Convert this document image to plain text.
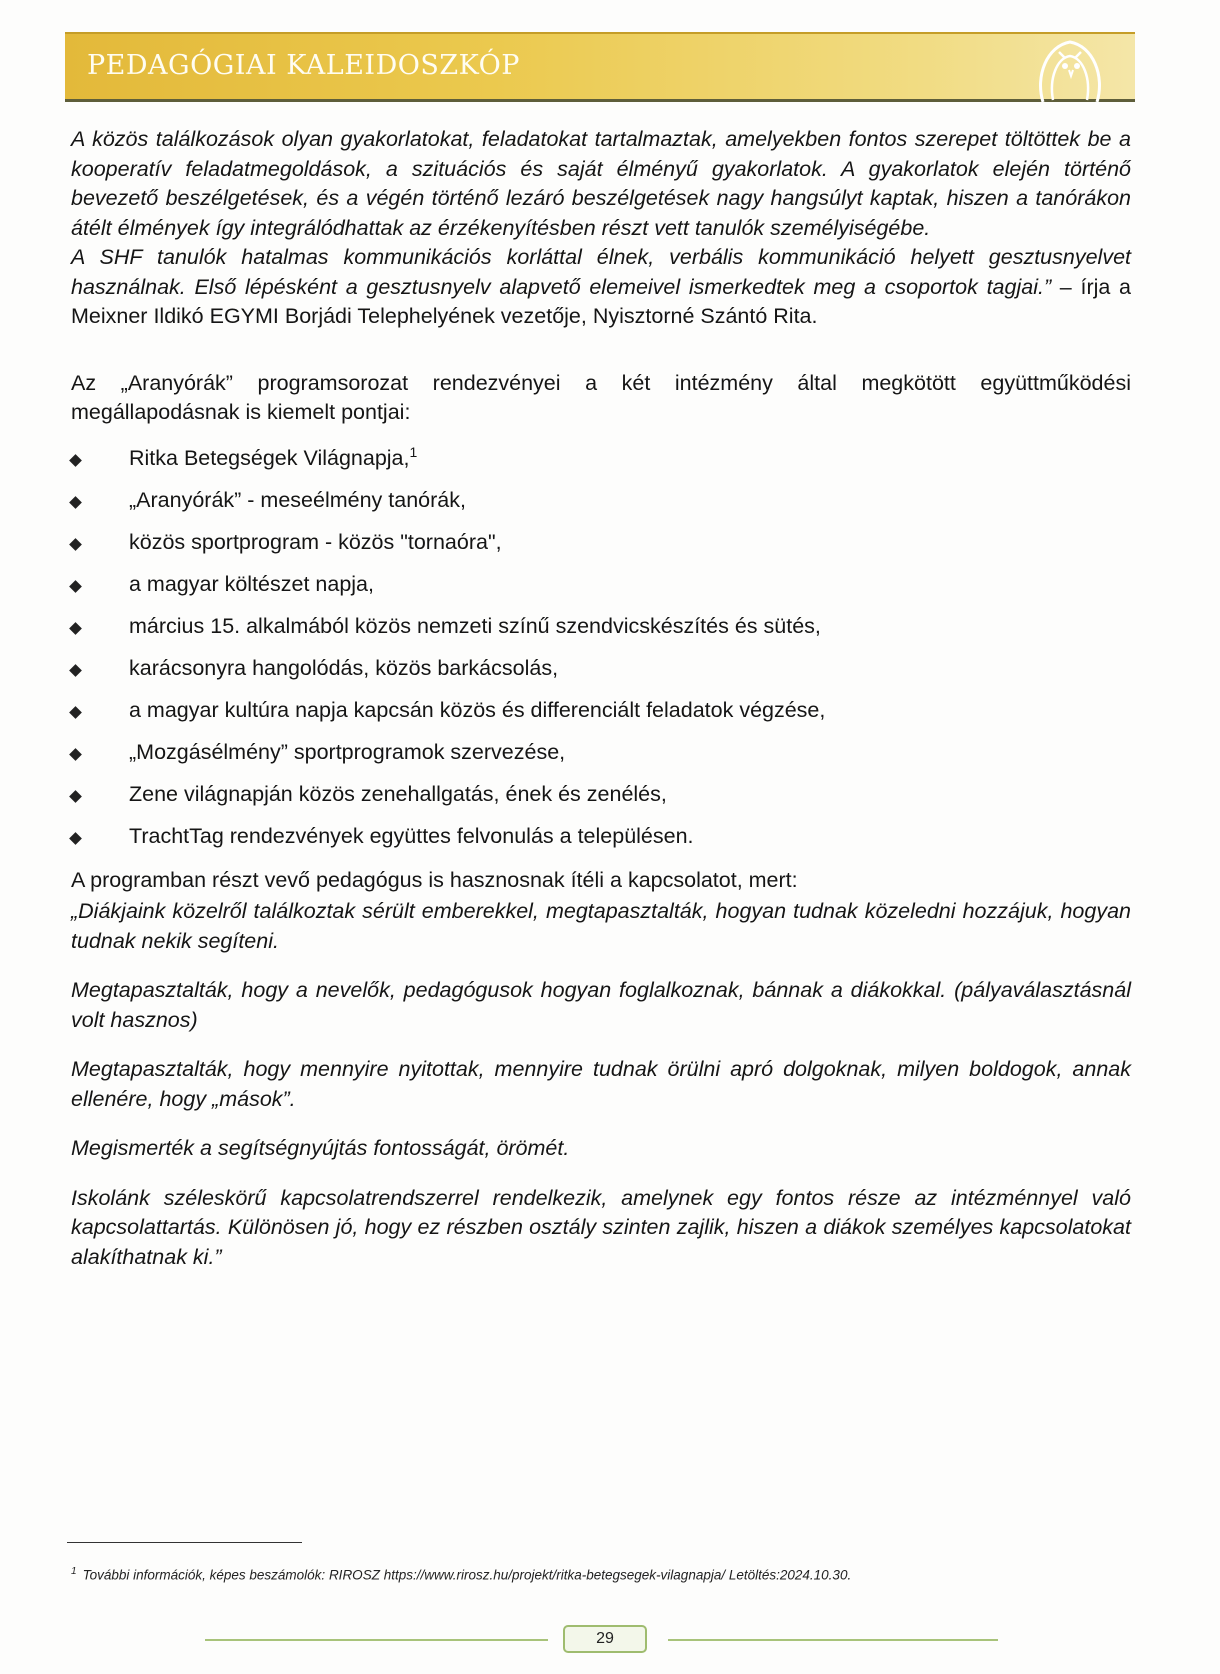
PEDAGÓGIAI KALEIDOSZKÓP

A közös találkozások olyan gyakorlatokat, feladatokat tartalmaztak, amelyekben fontos szerepet töltöttek be a kooperatív feladatmegoldások, a szituációs és saját élményű gyakorlatok. A gyakorlatok elején történő bevezető beszélgetések, és a végén történő lezáró beszélgetések nagy hangsúlyt kaptak, hiszen a tanórákon átélt élmények így integrálódhattak az érzékenyítésben részt vett tanulók személyiségébe.

A SHF tanulók hatalmas kommunikációs korláttal élnek, verbális kommunikáció helyett gesztusnyelvet használnak. Első lépésként a gesztusnyelv alapvető elemeivel ismerkedtek meg a csoportok tagjai.” – írja a Meixner Ildikó EGYMI Borjádi Telephelyének vezetője, Nyisztorné Szántó Rita.

Az „Aranyórák” programsorozat rendezvényei a két intézmény által megkötött együttműködési megállapodásnak is kiemelt pontjai:

Ritka Betegségek Világnapja,$^1$
„Aranyórák” - meseélmény tanórák,
közös sportprogram - közös "tornaóra",
a magyar költészet napja,
március 15. alkalmából közös nemzeti színű szendvicskészítés és sütés,
karácsonyra hangolódás, közös barkácsolás,
a magyar kultúra napja kapcsán közös és differenciált feladatok végzése,
„Mozgásélmény” sportprogramok szervezése,
Zene világnapján közös zenehallgatás, ének és zenélés,
TrachtTag rendezvények együttes felvonulás a településen.

A programban részt vevő pedagógus is hasznosnak ítéli a kapcsolatot, mert:

„Diákjaink közelről találkoztak sérült emberekkel, megtapasztalták, hogyan tudnak közeledni hozzájuk, hogyan tudnak nekik segíteni.

Megtapasztalták, hogy a nevelők, pedagógusok hogyan foglalkoznak, bánnak a diákokkal. (pályaválasztásnál volt hasznos)

Megtapasztalták, hogy mennyire nyitottak, mennyire tudnak örülni apró dolgoknak, milyen boldogok, annak ellenére, hogy „mások”.

Megismerték a segítségnyújtás fontosságát, örömét.

Iskolánk széleskörű kapcsolatrendszerrel rendelkezik, amelynek egy fontos része az intézménnyel való kapcsolattartás. Különösen jó, hogy ez részben osztály szinten zajlik, hiszen a diákok személyes kapcsolatokat alakíthatnak ki.”

$^1$ További információk, képes beszámolók: RIROSZ https://www.rirosz.hu/projekt/ritka-betegsegek-vilagnapja/ Letöltés:2024.10.30.
29
